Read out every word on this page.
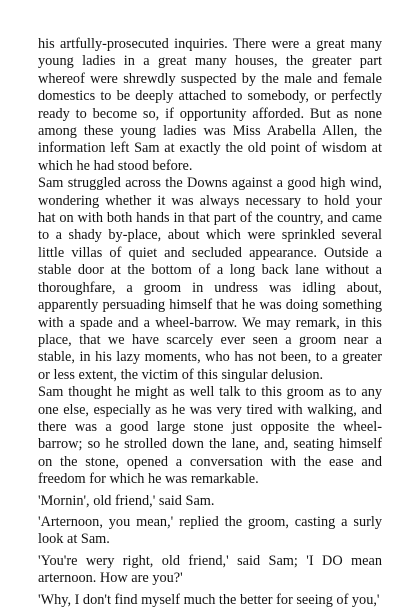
his artfully-prosecuted inquiries. There were a great many young ladies in a great many houses, the greater part whereof were shrewdly suspected by the male and female domestics to be deeply attached to somebody, or perfectly ready to become so, if opportunity afforded. But as none among these young ladies was Miss Arabella Allen, the information left Sam at exactly the old point of wisdom at which he had stood before.

Sam struggled across the Downs against a good high wind, wondering whether it was always necessary to hold your hat on with both hands in that part of the country, and came to a shady by-place, about which were sprinkled several little villas of quiet and secluded appearance. Outside a stable door at the bottom of a long back lane without a thoroughfare, a groom in undress was idling about, apparently persuading himself that he was doing something with a spade and a wheel-barrow. We may remark, in this place, that we have scarcely ever seen a groom near a stable, in his lazy moments, who has not been, to a greater or less extent, the victim of this singular delusion.

Sam thought he might as well talk to this groom as to any one else, especially as he was very tired with walking, and there was a good large stone just opposite the wheel-barrow; so he strolled down the lane, and, seating himself on the stone, opened a conversation with the ease and freedom for which he was remarkable.

'Mornin', old friend,' said Sam.

'Arternoon, you mean,' replied the groom, casting a surly look at Sam.

'You're wery right, old friend,' said Sam; 'I DO mean arternoon. How are you?'

'Why, I don't find myself much the better for seeing of you,'
